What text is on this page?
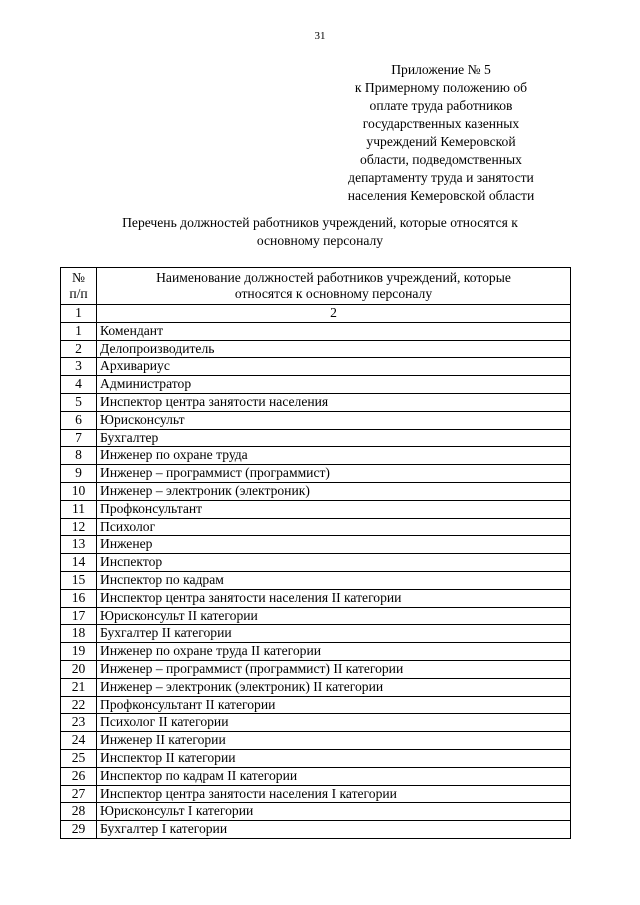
31
Приложение № 5
к Примерному положению об
оплате труда работников
государственных казенных
учреждений Кемеровской
области, подведомственных
департаменту труда и занятости
населения Кемеровской области
Перечень должностей работников учреждений, которые относятся к
основному персоналу
№
п/п	Наименование должностей работников учреждений, которые
относятся к основному персоналу

1	2
1	Комендант
2	Делопроизводитель
3	Архивариус
4	Администратор
5	Инспектор центра занятости населения
6	Юрисконсульт
7	Бухгалтер
8	Инженер по охране труда
9	Инженер – программист (программист)
10	Инженер – электроник (электроник)
11	Профконсультант
12	Психолог
13	Инженер
14	Инспектор
15	Инспектор по кадрам
16	Инспектор центра занятости населения II категории
17	Юрисконсульт II категории
18	Бухгалтер II категории
19	Инженер по охране труда II категории
20	Инженер – программист (программист) II категории
21	Инженер – электроник (электроник) II категории
22	Профконсультант II категории
23	Психолог II категории
24	Инженер II категории
25	Инспектор II категории
26	Инспектор по кадрам II категории
27	Инспектор центра занятости населения I категории
28	Юрисконсульт I категории
29	Бухгалтер I категории
